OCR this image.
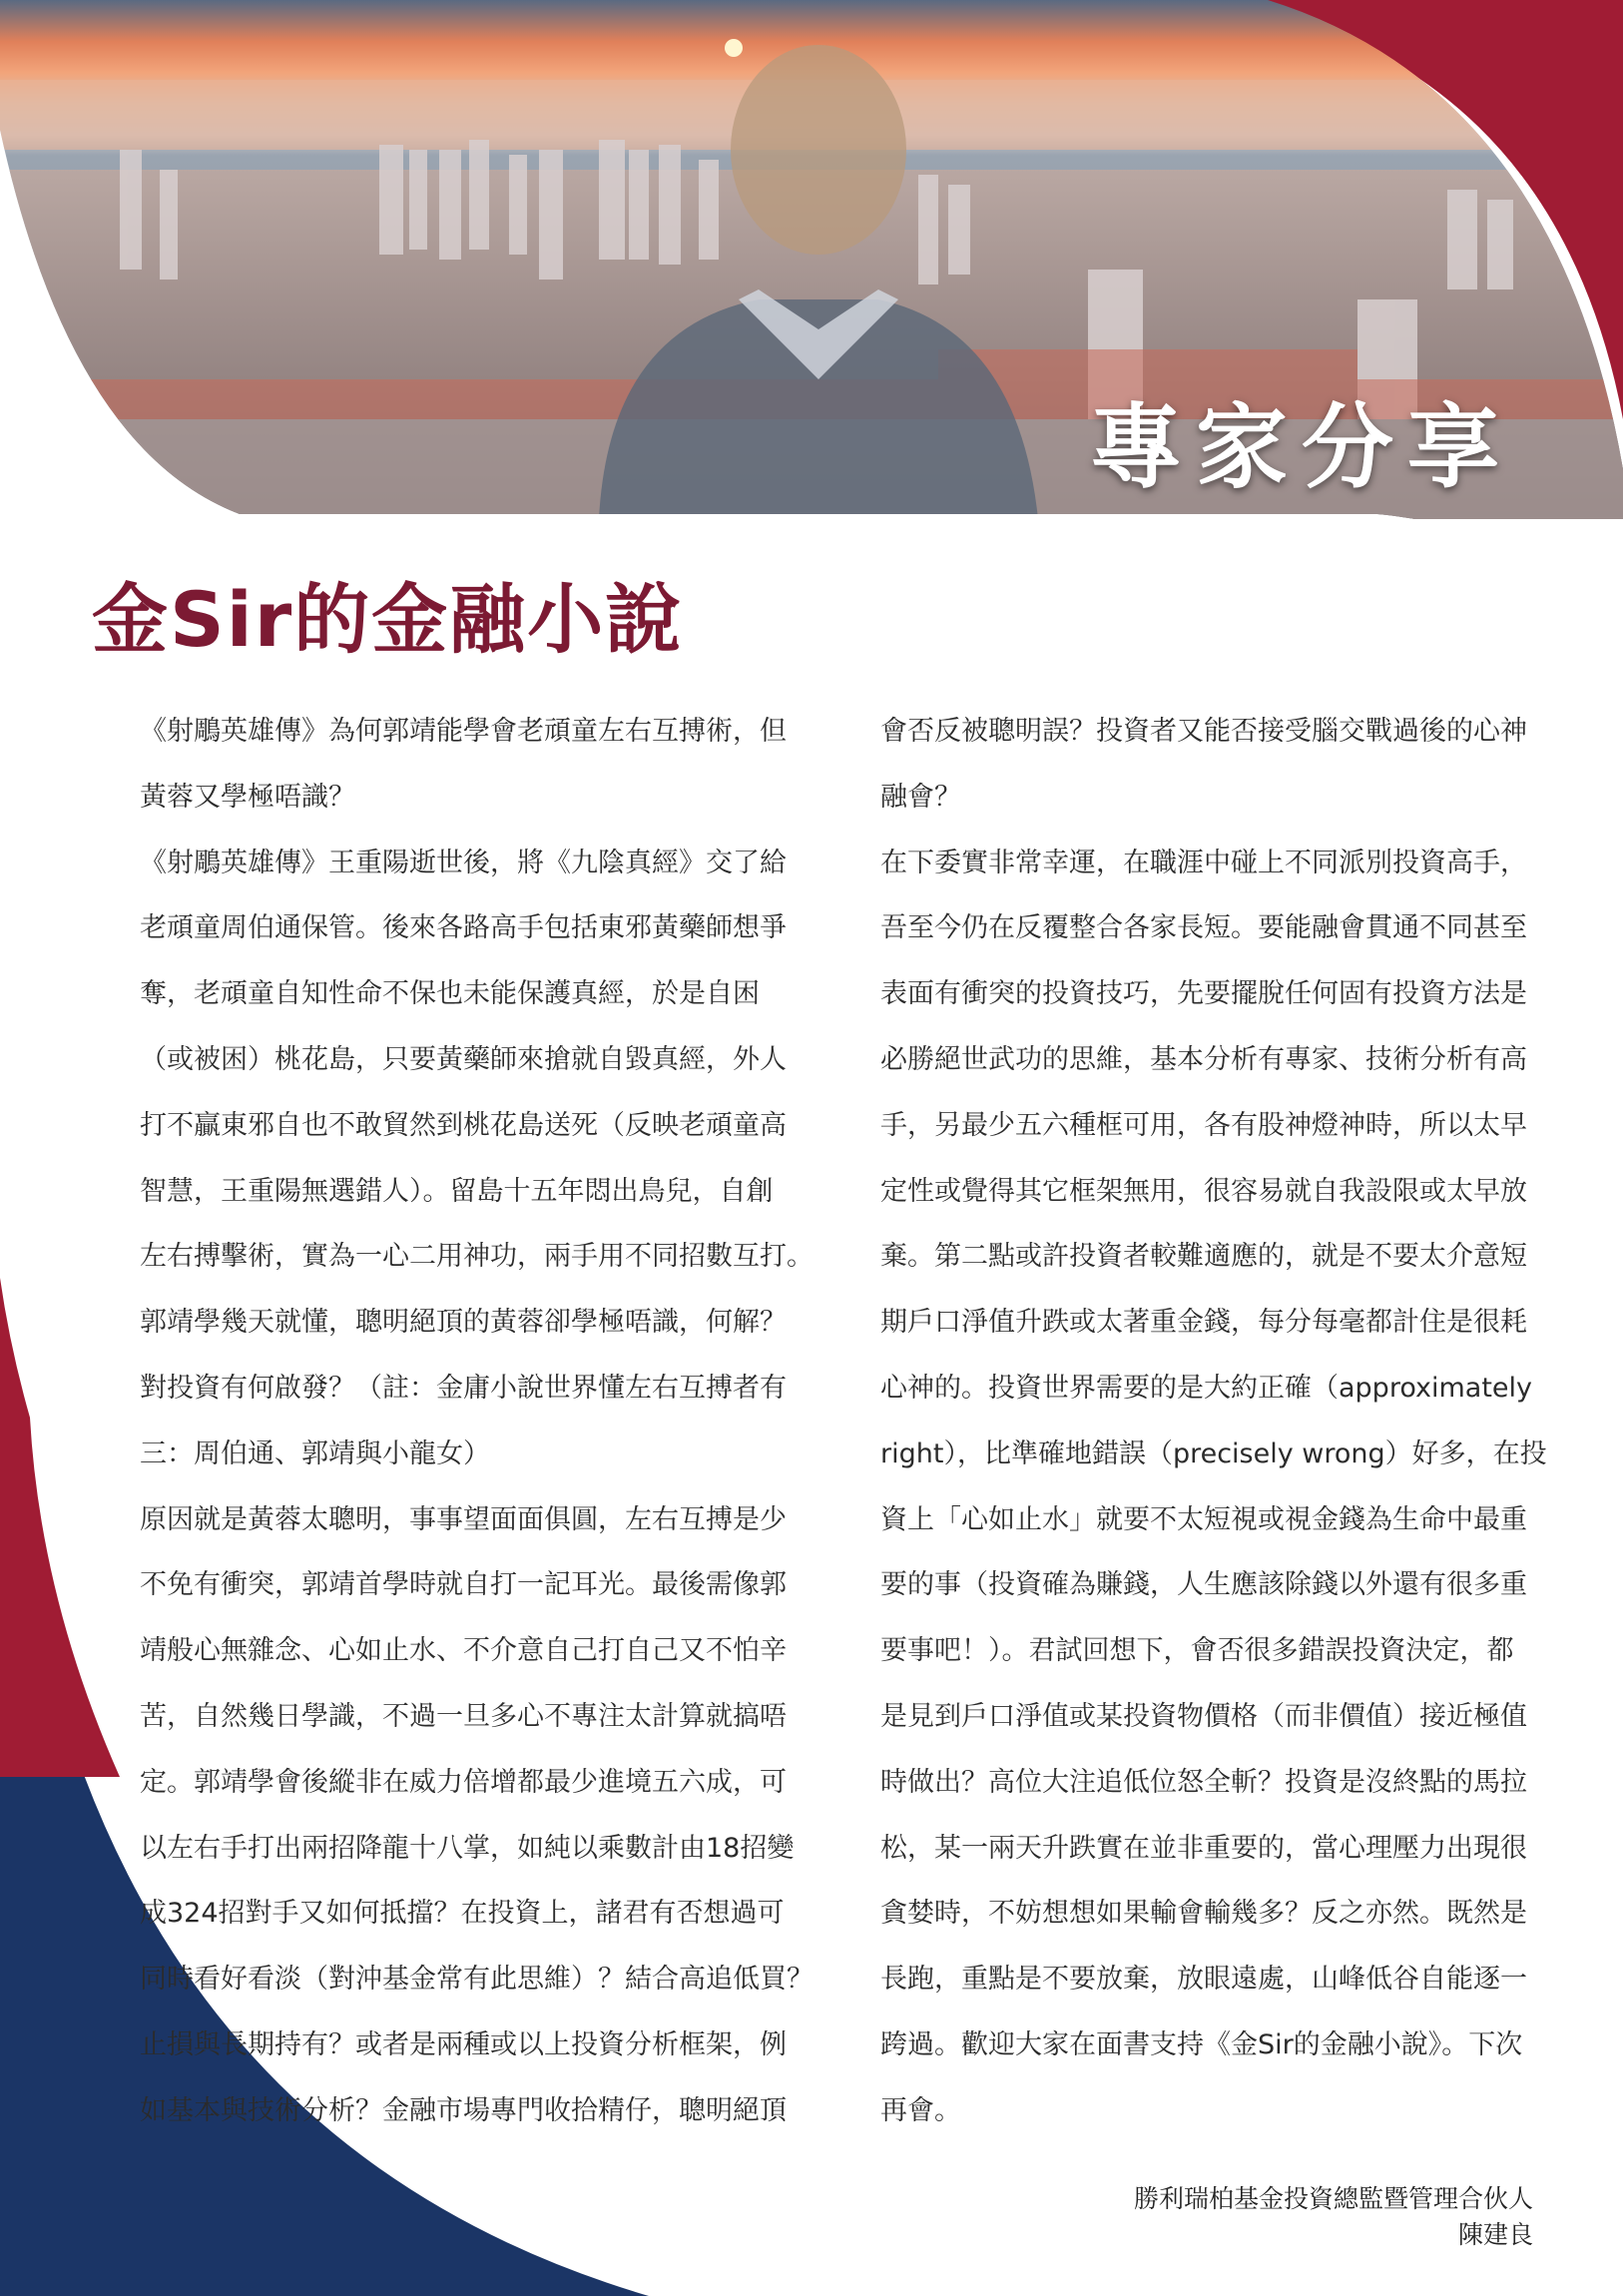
專家分享
金Sir的金融小說

《射鵰英雄傳》為何郭靖能學會老頑童左右互搏術，但

黃蓉又學極唔識？

《射鵰英雄傳》王重陽逝世後，將《九陰真經》交了給

老頑童周伯通保管。後來各路高手包括東邪黃藥師想爭

奪，老頑童自知性命不保也未能保護真經，於是自困

（或被困）桃花島，只要黃藥師來搶就自毀真經，外人

打不贏東邪自也不敢貿然到桃花島送死（反映老頑童高

智慧，王重陽無選錯人）。留島十五年悶出鳥兒，自創

左右搏擊術，實為一心二用神功，兩手用不同招數互打。

郭靖學幾天就懂，聰明絕頂的黃蓉卻學極唔識，何解？

對投資有何啟發？（註：金庸小說世界懂左右互搏者有

三：周伯通、郭靖與小龍女）

原因就是黃蓉太聰明，事事望面面俱圓，左右互搏是少

不免有衝突，郭靖首學時就自打一記耳光。最後需像郭

靖般心無雜念、心如止水、不介意自己打自己又不怕辛

苦，自然幾日學識，不過一旦多心不專注太計算就搞唔

定。郭靖學會後縱非在威力倍增都最少進境五六成，可

以左右手打出兩招降龍十八掌，如純以乘數計由18招變

成324招對手又如何抵擋？在投資上，諸君有否想過可

同時看好看淡（對沖基金常有此思維）？結合高追低買？

止損與長期持有？或者是兩種或以上投資分析框架，例

如基本與技術分析？金融市場專門收拾精仔，聰明絕頂

會否反被聰明誤？投資者又能否接受腦交戰過後的心神

融會？

在下委實非常幸運，在職涯中碰上不同派別投資高手，

吾至今仍在反覆整合各家長短。要能融會貫通不同甚至

表面有衝突的投資技巧，先要擺脫任何固有投資方法是

必勝絕世武功的思維，基本分析有專家、技術分析有高

手，另最少五六種框可用，各有股神燈神時，所以太早

定性或覺得其它框架無用，很容易就自我設限或太早放

棄。第二點或許投資者較難適應的，就是不要太介意短

期戶口淨值升跌或太著重金錢，每分每毫都計住是很耗

心神的。投資世界需要的是大約正確（approximately

right），比準確地錯誤（precisely wrong）好多，在投

資上「心如止水」就要不太短視或視金錢為生命中最重

要的事（投資確為賺錢，人生應該除錢以外還有很多重

要事吧！）。君試回想下，會否很多錯誤投資決定，都

是見到戶口淨值或某投資物價格（而非價值）接近極值

時做出？高位大注追低位怒全斬？投資是沒終點的馬拉

松，某一兩天升跌實在並非重要的，當心理壓力出現很

貪婪時，不妨想想如果輸會輸幾多？反之亦然。既然是

長跑，重點是不要放棄，放眼遠處，山峰低谷自能逐一

跨過。歡迎大家在面書支持《金Sir的金融小說》。下次

再會。

勝利瑞柏基金投資總監暨管理合伙人
陳建良
